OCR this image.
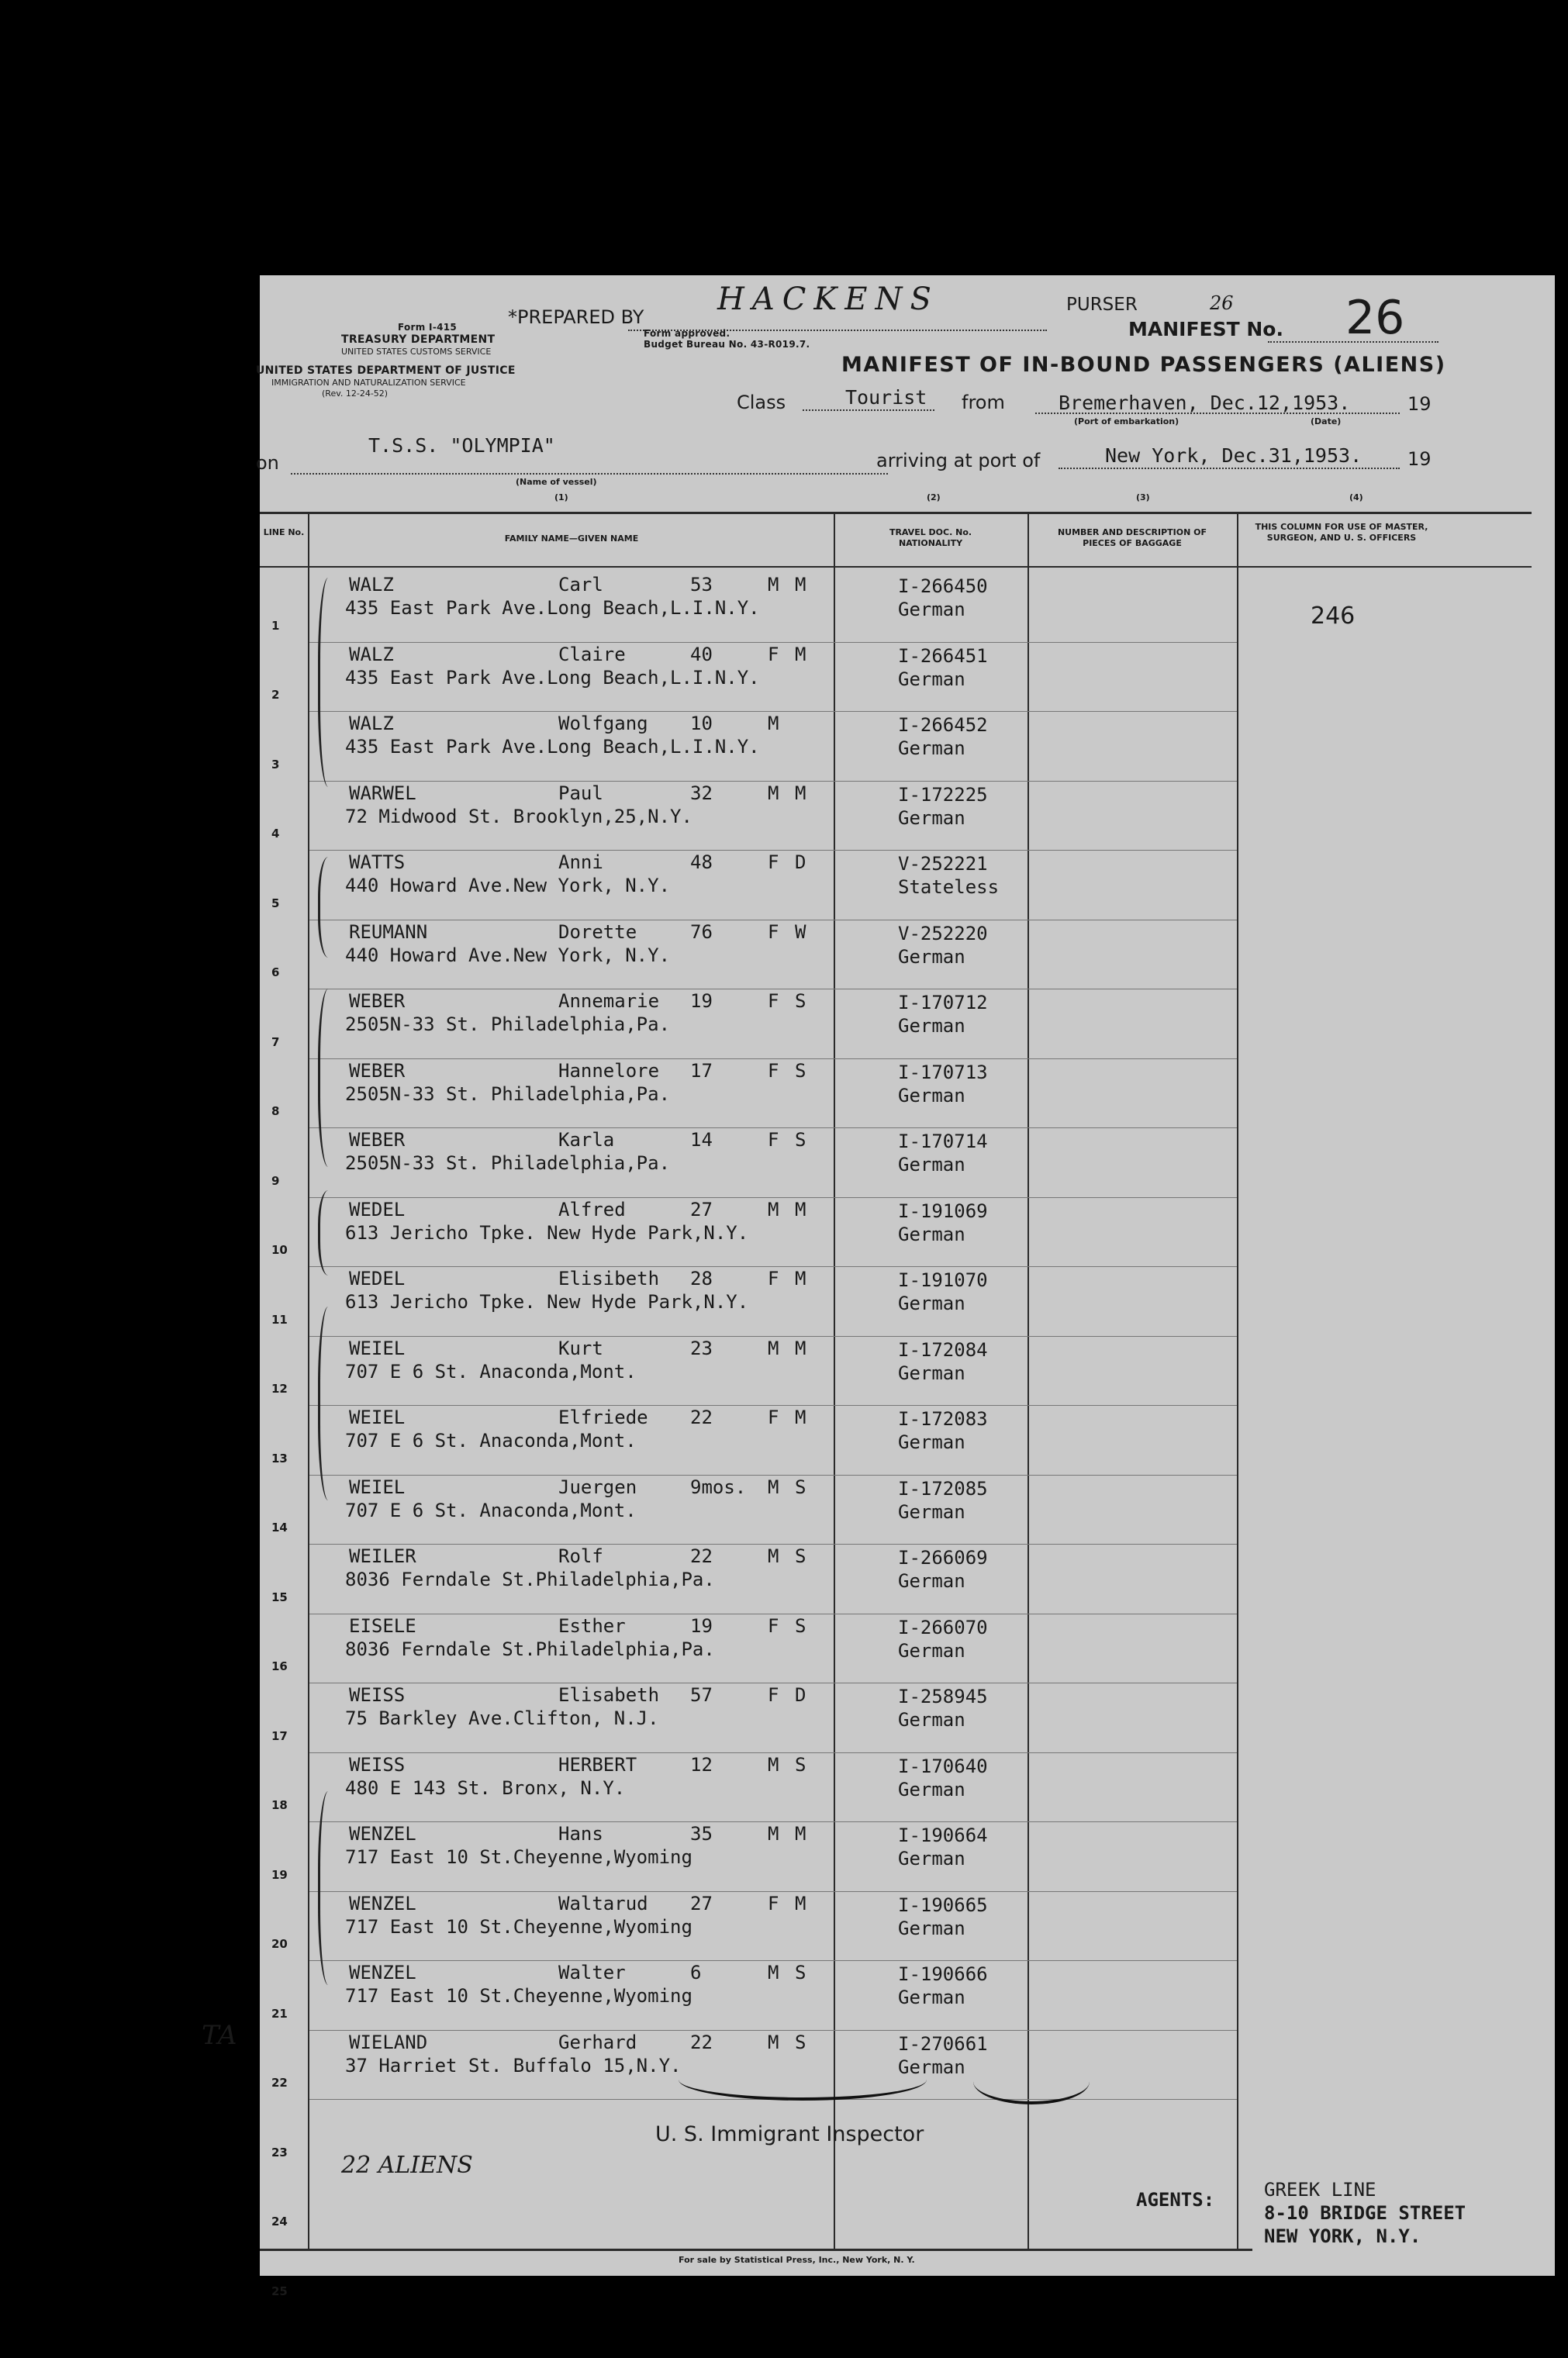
*PREPARED BY HACKENS	PURSER	26
MANIFEST No. 26
Form I-415
TREASURY DEPARTMENT
UNITED STATES CUSTOMS SERVICE
Form approved.
Budget Bureau No. 43-R019.7.
UNITED STATES DEPARTMENT OF JUSTICE
IMMIGRATION AND NATURALIZATION SERVICE
(Rev. 12-24-52)
MANIFEST OF IN-BOUND PASSENGERS (ALIENS)
Class	Tourist from	Bremerhaven, Dec.12,1953.	19
(Port of embarkation)	(Date)
on
T.S.S. "OLYMPIA"
(Name of vessel)
arriving at port of	New York, Dec.31,1953. 19
(1)	(2)	(3)	(4)
LINE No.
FAMILY NAME—GIVEN NAME
TRAVEL DOC. No. NATIONALITY
NUMBER AND DESCRIPTION OF PIECES OF BAGGAGE
THIS COLUMN FOR USE OF MASTER, SURGEON, AND U. S. OFFICERS
246
1
WALZ	Carl	53	M M
435 East Park Ave.Long Beach,L.I.N.Y.
I-266450
German
2
WALZ	Claire	40	F M
435 East Park Ave.Long Beach,L.I.N.Y.
I-266451
German
3
WALZ	Wolfgang 10	M
435 East Park Ave.Long Beach,L.I.N.Y.
I-266452
German
4
WARWEL	Paul	32	M M
72 Midwood St. Brooklyn,25,N.Y.
I-172225
German
5
WATTS	Anni	48	F D
440 Howard Ave.New York, N.Y.
V-252221
Stateless
6
REUMANN	Dorette	76	F W
440 Howard Ave.New York, N.Y.
V-252220
German
7
WEBER	Annemarie 19	F S
2505N-33 St. Philadelphia,Pa.
I-170712
German
8
WEBER	Hannelore 17	F S
2505N-33 St. Philadelphia,Pa.
I-170713
German
9
WEBER	Karla	14	F S
2505N-33 St. Philadelphia,Pa.
I-170714
German
10
WEDEL	Alfred	27	M M
613 Jericho Tpke. New Hyde Park,N.Y.
I-191069
German
11
WEDEL	Elisibeth 28	F M
613 Jericho Tpke. New Hyde Park,N.Y.
I-191070
German
12
WEIEL	Kurt	23	M M
707 E 6 St. Anaconda,Mont.
I-172084
German
13
WEIEL	Elfriede 22	F M
707 E 6 St. Anaconda,Mont.
I-172083
German
14
WEIEL	Juergen	9mos. M S
707 E 6 St. Anaconda,Mont.
I-172085
German
15
WEILER	Rolf	22	M S
8036 Ferndale St.Philadelphia,Pa.
I-266069
German
16
EISELE	Esther	19	F S
8036 Ferndale St.Philadelphia,Pa.
I-266070
German
17
WEISS	Elisabeth 57	F D
75 Barkley Ave.Clifton, N.J.
I-258945
German
18
WEISS	HERBERT	12	M S
480 E 143 St. Bronx, N.Y.
I-170640
German
19
WENZEL	Hans	35	M M
717 East 10 St.Cheyenne,Wyoming
I-190664
German
20
WENZEL	Waltarud 27	F M
717 East 10 St.Cheyenne,Wyoming
I-190665
German
21
WENZEL	Walter	6	M S
717 East 10 St.Cheyenne,Wyoming
I-190666
German
22
WIELAND	Gerhard	22	M S
37 Harriet St. Buffalo 15,N.Y.
I-270661
German
23
24
25
U. S. Immigrant Inspector
22 ALIENS
TA
AGENTS:	GREEK LINE
8-10 BRIDGE STREET
NEW YORK, N.Y.
For sale by Statistical Press, Inc., New York, N. Y.
